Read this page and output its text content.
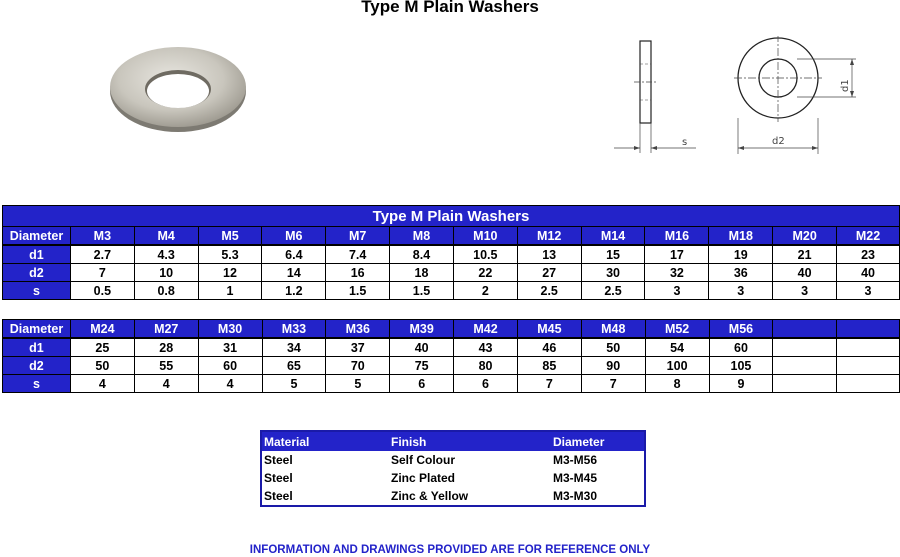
Type M Plain Washers
s	d2
d1
Type M Plain Washers													
Diameter	M3	M4	M5	M6	M7	M8	M10	M12	M14	M16	M18	M20	M22
d1	2.7	4.3	5.3	6.4	7.4	8.4	10.5	13	15	17	19	21	23
d2	7	10	12	14	16	18	22	27	30	32	36	40	40
s	0.5	0.8	1	1.2	1.5	1.5	2	2.5	2.5	3	3	3	3
Diameter	M24	M27	M30	M33	M36	M39	M42	M45	M48	M52	M56		
d1	25	28	31	34	37	40	43	46	50	54	60		
d2	50	55	60	65	70	75	80	85	90	100	105		
s	4	4	4	5	5	6	6	7	7	8	9		
Material	Finish	Diameter
Steel	Self Colour	M3-M56
Steel	Zinc Plated	M3-M45
Steel	Zinc & Yellow	M3-M30
INFORMATION AND DRAWINGS PROVIDED ARE FOR REFERENCE ONLY
